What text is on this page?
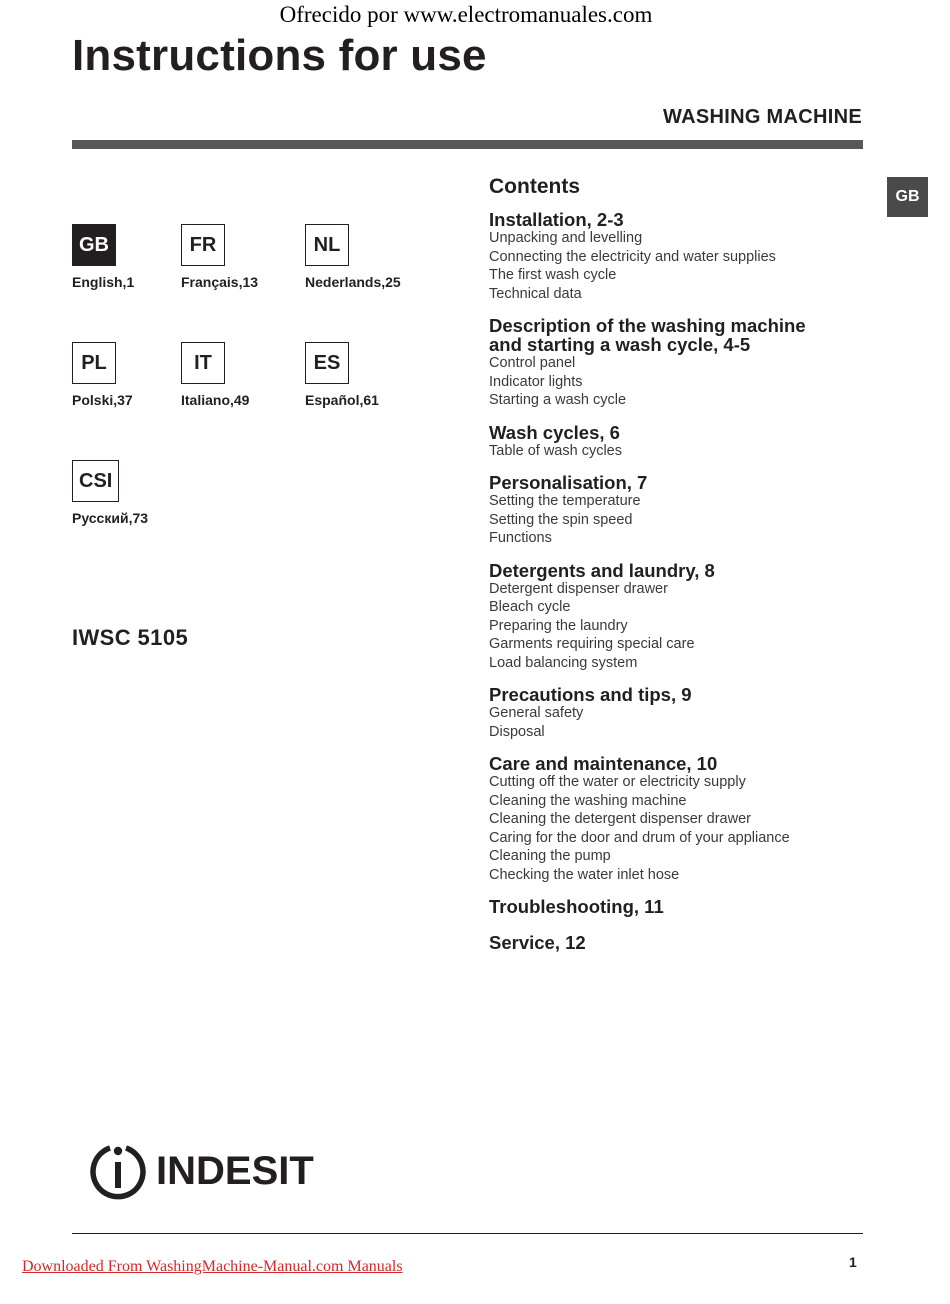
Ofrecido por www.electromanuales.com
Instructions for use
WASHING MACHINE
GB
GB
English,1
FR
Français,13
NL
Nederlands,25
PL
Polski,37
IT
Italiano,49
ES
Español,61
CSI
Русский,73
IWSC 5105
Contents
Installation, 2-3
Unpacking and levelling
Connecting the electricity and water supplies
The first wash cycle
Technical data
Description of the washing machine
and starting a wash cycle, 4-5
Control panel
Indicator lights
Starting a wash cycle
Wash cycles, 6
Table of wash cycles
Personalisation, 7
Setting the temperature
Setting the spin speed
Functions
Detergents and laundry, 8
Detergent dispenser drawer
Bleach cycle
Preparing the laundry
Garments requiring special care
Load balancing system
Precautions and tips, 9
General safety
Disposal
Care and maintenance, 10
Cutting off the water or electricity supply
Cleaning the washing machine
Cleaning the detergent dispenser drawer
Caring for the door and drum of your appliance
Cleaning the pump
Checking the water inlet hose
Troubleshooting, 11
Service, 12
INDESIT
Downloaded From WashingMachine-Manual.com Manuals	1
